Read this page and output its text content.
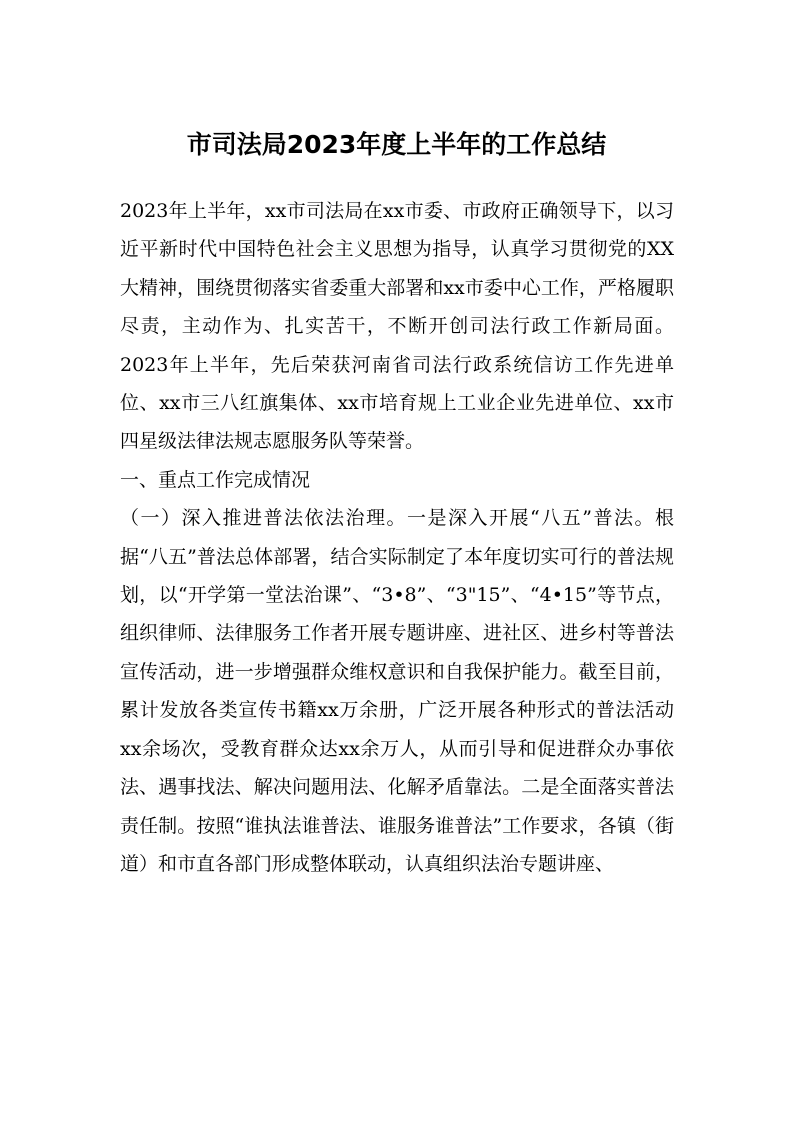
市司法局2023年度上半年的工作总结

2023年上半年，xx市司法局在xx市委、市政府正确领导下，以习近平新时代中国特色社会主义思想为指导，认真学习贯彻党的XX大精神，围绕贯彻落实省委重大部署和xx市委中心工作，严格履职尽责，主动作为、扎实苦干，不断开创司法行政工作新局面。2023年上半年，先后荣获河南省司法行政系统信访工作先进单位、xx市三八红旗集体、xx市培育规上工业企业先进单位、xx市四星级法律法规志愿服务队等荣誉。

一、重点工作完成情况

（一）深入推进普法依法治理。一是深入开展“八五”普法。根据“八五”普法总体部署，结合实际制定了本年度切实可行的普法规划，以“开学第一堂法治课”、“3•8”、“3"15”、“4•15”等节点，组织律师、法律服务工作者开展专题讲座、进社区、进乡村等普法宣传活动，进一步增强群众维权意识和自我保护能力。截至目前，累计发放各类宣传书籍xx万余册，广泛开展各种形式的普法活动xx余场次，受教育群众达xx余万人，从而引导和促进群众办事依法、遇事找法、解决问题用法、化解矛盾靠法。二是全面落实普法责任制。按照“谁执法谁普法、谁服务谁普法”工作要求，各镇（街道）和市直各部门形成整体联动，认真组织法治专题讲座、
